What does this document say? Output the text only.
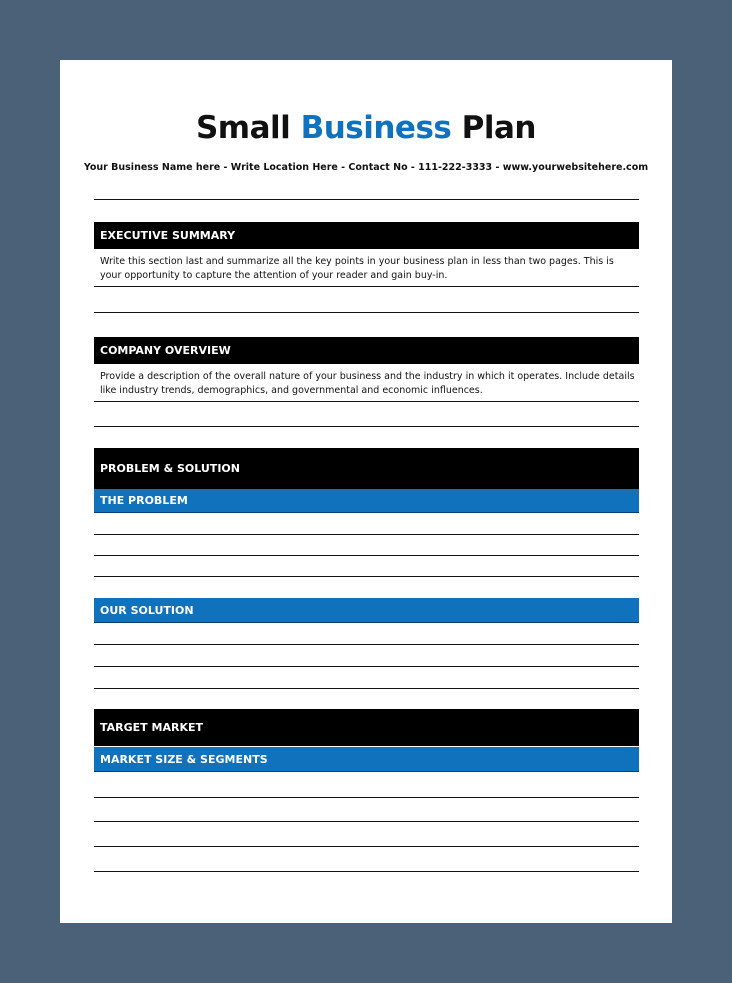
Small Business Plan
Your Business Name here - Write Location Here - Contact No - 111-222-3333 - www.yourwebsitehere.com
EXECUTIVE SUMMARY
Write this section last and summarize all the key points in your business plan in less than two pages. This is your opportunity to capture the attention of your reader and gain buy-in.
COMPANY OVERVIEW
Provide a description of the overall nature of your business and the industry in which it operates. Include details like industry trends, demographics, and governmental and economic influences.
PROBLEM & SOLUTION
THE PROBLEM
OUR SOLUTION
TARGET MARKET
MARKET SIZE & SEGMENTS
